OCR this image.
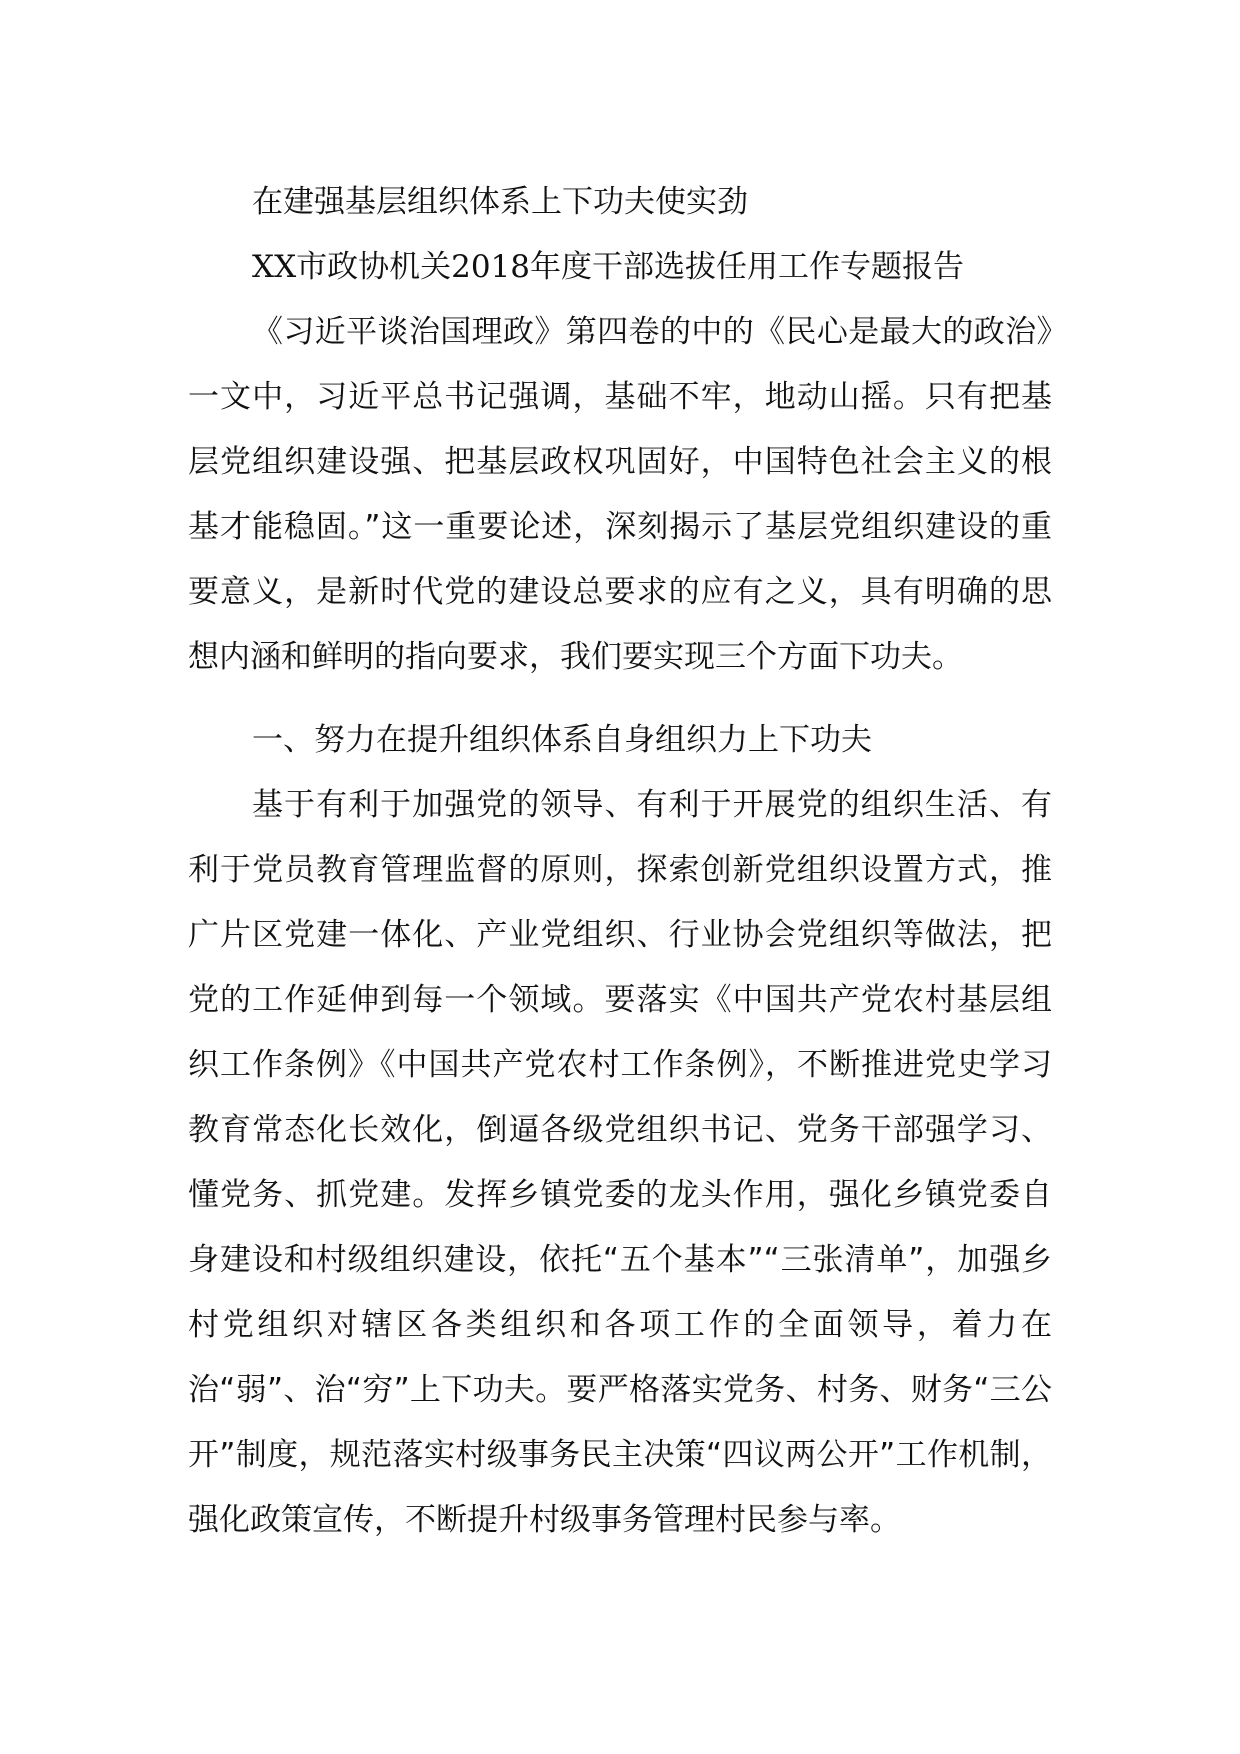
在建强基层组织体系上下功夫使实劲

XX市政协机关2018年度干部选拔任用工作专题报告

《习近平谈治国理政》第四卷的中的《民心是最大的政治》一文中，习近平总书记强调，基础不牢，地动山摇。只有把基层党组织建设强、把基层政权巩固好，中国特色社会主义的根基才能稳固。”这一重要论述，深刻揭示了基层党组织建设的重要意义，是新时代党的建设总要求的应有之义，具有明确的思想内涵和鲜明的指向要求，我们要实现三个方面下功夫。

一、努力在提升组织体系自身组织力上下功夫

基于有利于加强党的领导、有利于开展党的组织生活、有利于党员教育管理监督的原则，探索创新党组织设置方式，推广片区党建一体化、产业党组织、行业协会党组织等做法，把党的工作延伸到每一个领域。要落实《中国共产党农村基层组织工作条例》《中国共产党农村工作条例》，不断推进党史学习教育常态化长效化，倒逼各级党组织书记、党务干部强学习、懂党务、抓党建。发挥乡镇党委的龙头作用，强化乡镇党委自身建设和村级组织建设，依托“五个基本”“三张清单”，加强乡村党组织对辖区各类组织和各项工作的全面领导，着力在治“弱”、治“穷”上下功夫。要严格落实党务、村务、财务“三公开”制度，规范落实村级事务民主决策“四议两公开”工作机制，强化政策宣传，不断提升村级事务管理村民参与率。
